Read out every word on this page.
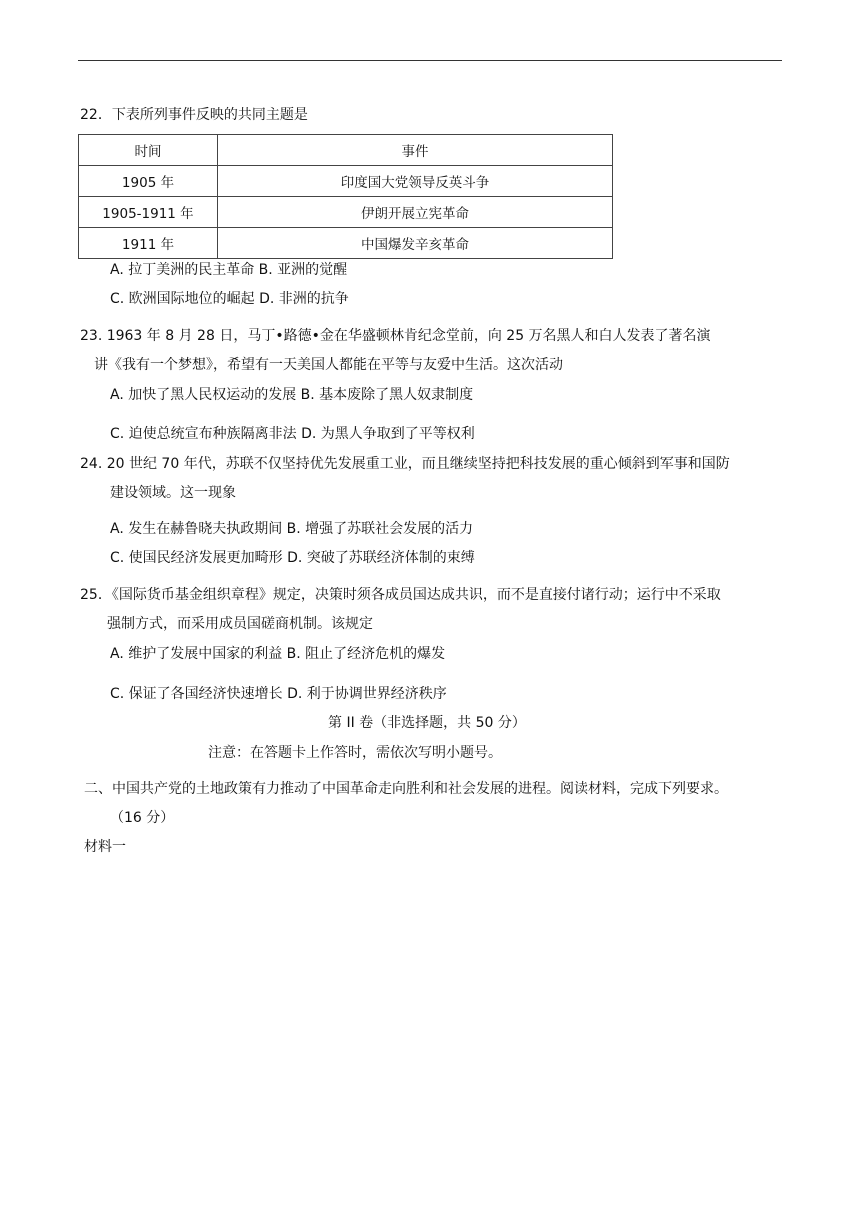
22．下表所列事件反映的共同主题是
时间	事件
1905 年	印度国大党领导反英斗争
1905-1911 年	伊朗开展立宪革命
1911 年	中国爆发辛亥革命
A. 拉丁美洲的民主革命 B. 亚洲的觉醒
C. 欧洲国际地位的崛起 D. 非洲的抗争
23. 1963 年 8 月 28 日，马丁•路德•金在华盛顿林肯纪念堂前，向 25 万名黑人和白人发表了著名演
讲《我有一个梦想》，希望有一天美国人都能在平等与友爱中生活。这次活动
A. 加快了黑人民权运动的发展 B. 基本废除了黑人奴隶制度
C. 迫使总统宣布种族隔离非法 D. 为黑人争取到了平等权利
24. 20 世纪 70 年代，苏联不仅坚持优先发展重工业，而且继续坚持把科技发展的重心倾斜到军事和国防
建设领域。这一现象
A. 发生在赫鲁晓夫执政期间 B. 增强了苏联社会发展的活力
C. 使国民经济发展更加畸形 D. 突破了苏联经济体制的束缚
25．《国际货币基金组织章程》规定，决策时须各成员国达成共识，而不是直接付诸行动；运行中不采取
强制方式，而采用成员国磋商机制。该规定
A. 维护了发展中国家的利益 B. 阻止了经济危机的爆发
C. 保证了各国经济快速增长 D. 利于协调世界经济秩序
第 II 卷（非选择题，共 50 分）
注意：在答题卡上作答时，需依次写明小题号。
二、中国共产党的土地政策有力推动了中国革命走向胜利和社会发展的进程。阅读材料，完成下列要求。
（16 分）
材料一
